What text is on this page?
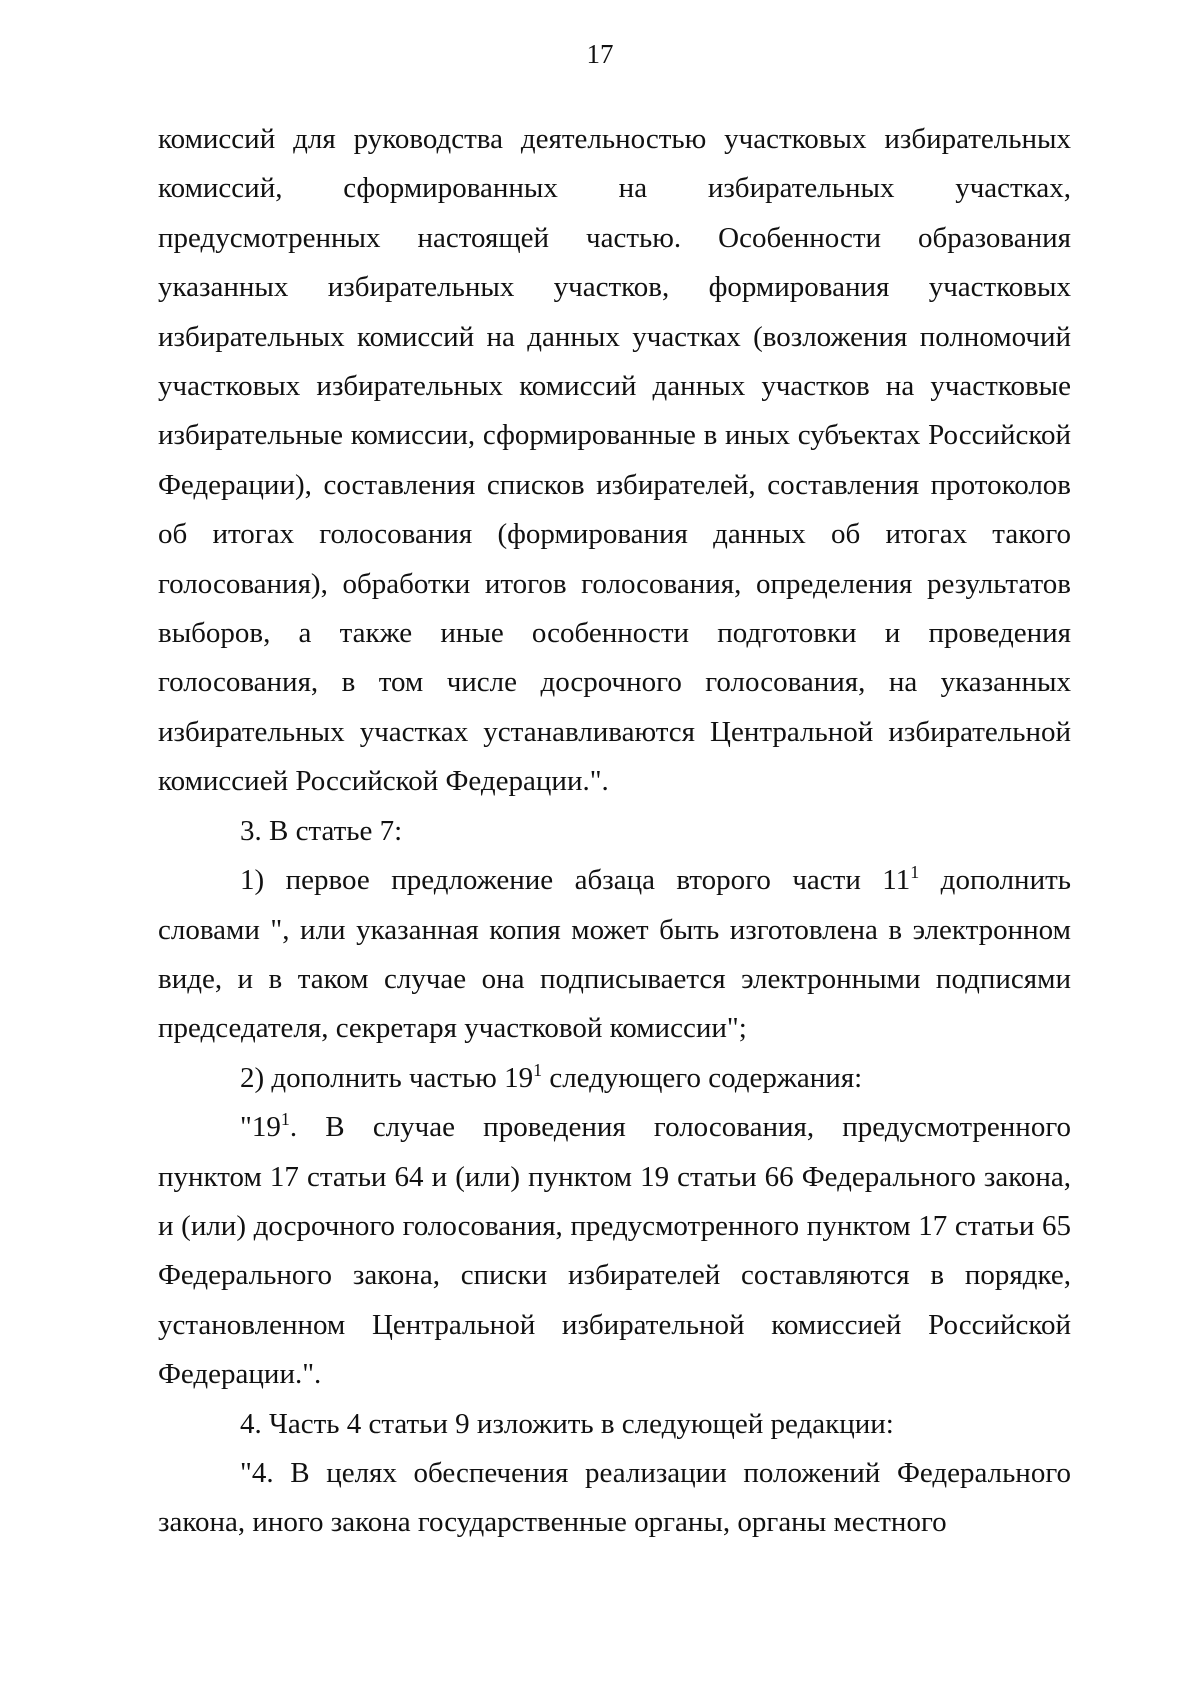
17

комиссий для руководства деятельностью участковых избирательных комиссий, сформированных на избирательных участках, предусмотренных настоящей частью. Особенности образования указанных избирательных участков, формирования участковых избирательных комиссий на данных участках (возложения полномочий участковых избирательных комиссий данных участков на участковые избирательные комиссии, сформированные в иных субъектах Российской Федерации), составления списков избирателей, составления протоколов об итогах голосования (формирования данных об итогах такого голосования), обработки итогов голосования, определения результатов выборов, а также иные особенности подготовки и проведения голосования, в том числе досрочного голосования, на указанных избирательных участках устанавливаются Центральной избирательной комиссией Российской Федерации.".

3. В статье 7:

1) первое предложение абзаца второго части $11^1$ дополнить словами ", или указанная копия может быть изготовлена в электронном виде, и в таком случае она подписывается электронными подписями председателя, секретаря участковой комиссии";

2) дополнить частью $19^1$ следующего содержания:

"$19^1$. В случае проведения голосования, предусмотренного пунктом 17 статьи 64 и (или) пунктом 19 статьи 66 Федерального закона, и (или) досрочного голосования, предусмотренного пунктом 17 статьи 65 Федерального закона, списки избирателей составляются в порядке, установленном Центральной избирательной комиссией Российской Федерации.".

4. Часть 4 статьи 9 изложить в следующей редакции:

"4. В целях обеспечения реализации положений Федерального закона, иного закона государственные органы, органы местного
